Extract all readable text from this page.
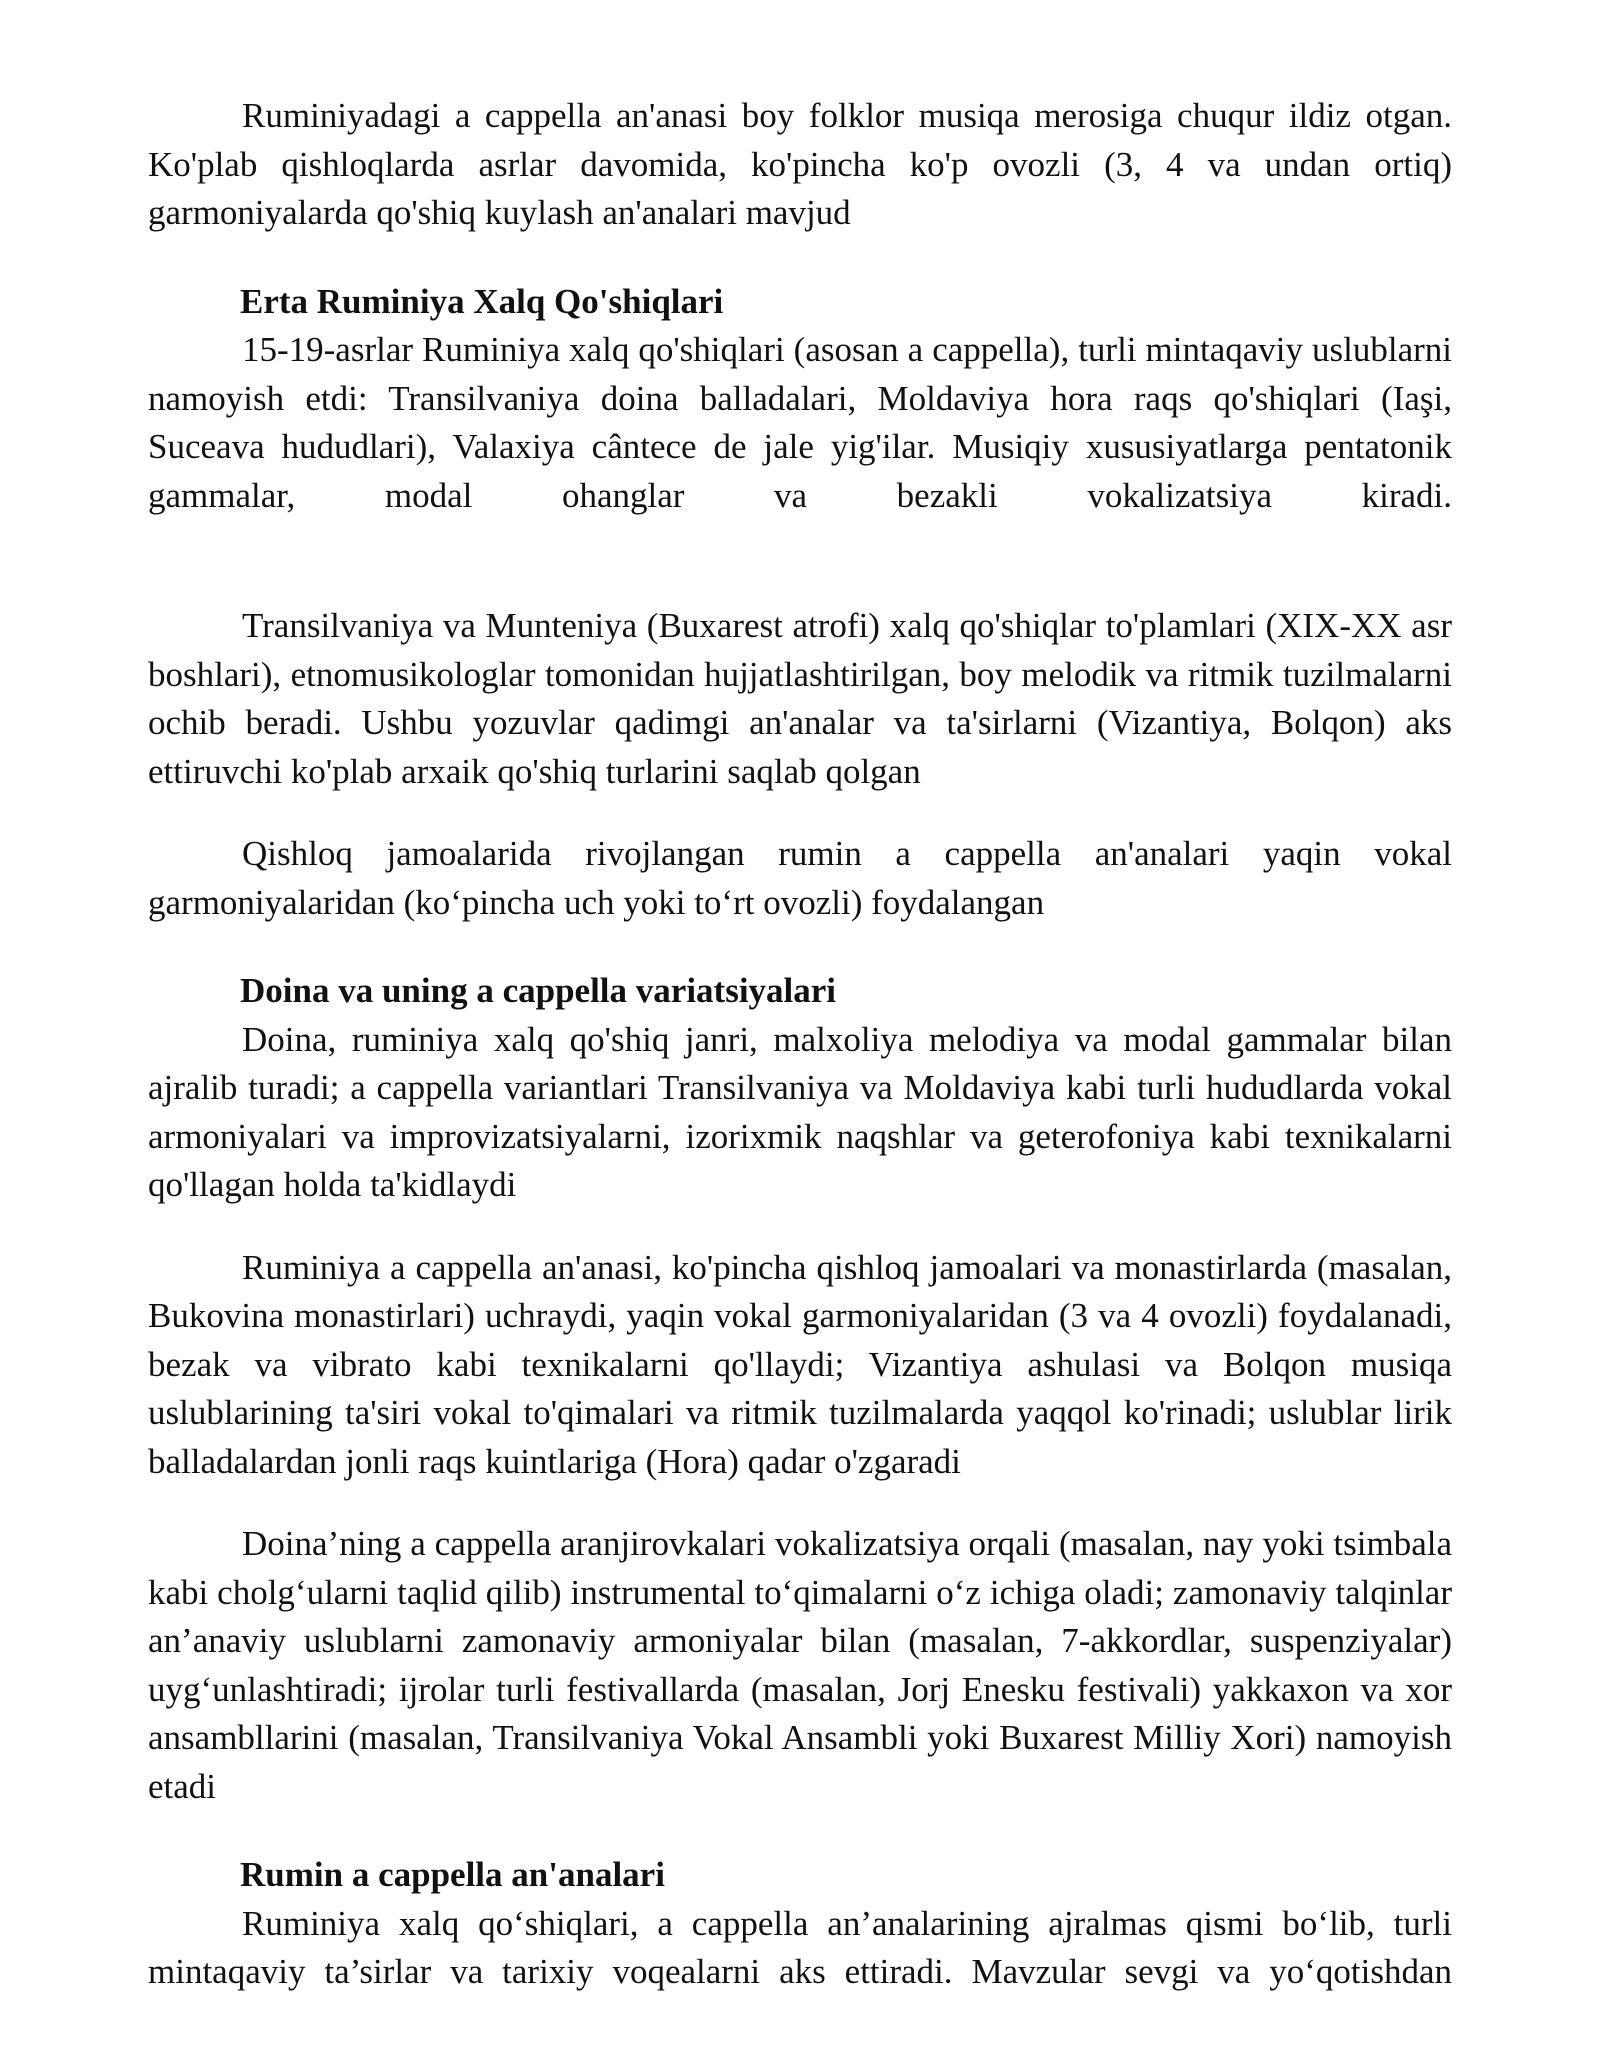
Ruminiyadagi a cappella an'anasi boy folklor musiqa merosiga chuqur ildiz otgan. Ko'plab qishloqlarda asrlar davomida, ko'pincha ko'p ovozli (3, 4 va undan ortiq) garmoniyalarda qo'shiq kuylash an'analari mavjud

Erta Ruminiya Xalq Qo'shiqlari

15-19-asrlar Ruminiya xalq qo'shiqlari (asosan a cappella), turli mintaqaviy uslublarni namoyish etdi: Transilvaniya doina balladalari, Moldaviya hora raqs qo'shiqlari (Iaşi, Suceava hududlari), Valaxiya cântece de jale yig'ilar. Musiqiy xususiyatlarga pentatonik gammalar, modal ohanglar va bezakli vokalizatsiya kiradi.

Transilvaniya va Munteniya (Buxarest atrofi) xalq qo'shiqlar to'plamlari (XIX-XX asr boshlari), etnomusikologlar tomonidan hujjatlashtirilgan, boy melodik va ritmik tuzilmalarni ochib beradi. Ushbu yozuvlar qadimgi an'analar va ta'sirlarni (Vizantiya, Bolqon) aks ettiruvchi ko'plab arxaik qo'shiq turlarini saqlab qolgan

Qishloq jamoalarida rivojlangan rumin a cappella an'analari yaqin vokal garmoniyalaridan (koʻpincha uch yoki toʻrt ovozli) foydalangan

Doina va uning a cappella variatsiyalari

Doina, ruminiya xalq qo'shiq janri, malxoliya melodiya va modal gammalar bilan ajralib turadi; a cappella variantlari Transilvaniya va Moldaviya kabi turli hududlarda vokal armoniyalari va improvizatsiyalarni, izorixmik naqshlar va geterofoniya kabi texnikalarni qo'llagan holda ta'kidlaydi

Ruminiya a cappella an'anasi, ko'pincha qishloq jamoalari va monastirlarda (masalan, Bukovina monastirlari) uchraydi, yaqin vokal garmoniyalaridan (3 va 4 ovozli) foydalanadi, bezak va vibrato kabi texnikalarni qo'llaydi; Vizantiya ashulasi va Bolqon musiqa uslublarining ta'siri vokal to'qimalari va ritmik tuzilmalarda yaqqol ko'rinadi; uslublar lirik balladalardan jonli raqs kuintlariga (Hora) qadar o'zgaradi

Doina’ning a cappella aranjirovkalari vokalizatsiya orqali (masalan, nay yoki tsimbala kabi cholgʻularni taqlid qilib) instrumental toʻqimalarni oʻz ichiga oladi; zamonaviy talqinlar an’anaviy uslublarni zamonaviy armoniyalar bilan (masalan, 7-akkordlar, suspenziyalar) uygʻunlashtiradi; ijrolar turli festivallarda (masalan, Jorj Enesku festivali) yakkaxon va xor ansambllarini (masalan, Transilvaniya Vokal Ansambli yoki Buxarest Milliy Xori) namoyish etadi

Rumin a cappella an'analari

Ruminiya xalq qoʻshiqlari, a cappella an’analarining ajralmas qismi boʻlib, turli mintaqaviy ta’sirlar va tarixiy voqealarni aks ettiradi. Mavzular sevgi va yoʻqotishdan
